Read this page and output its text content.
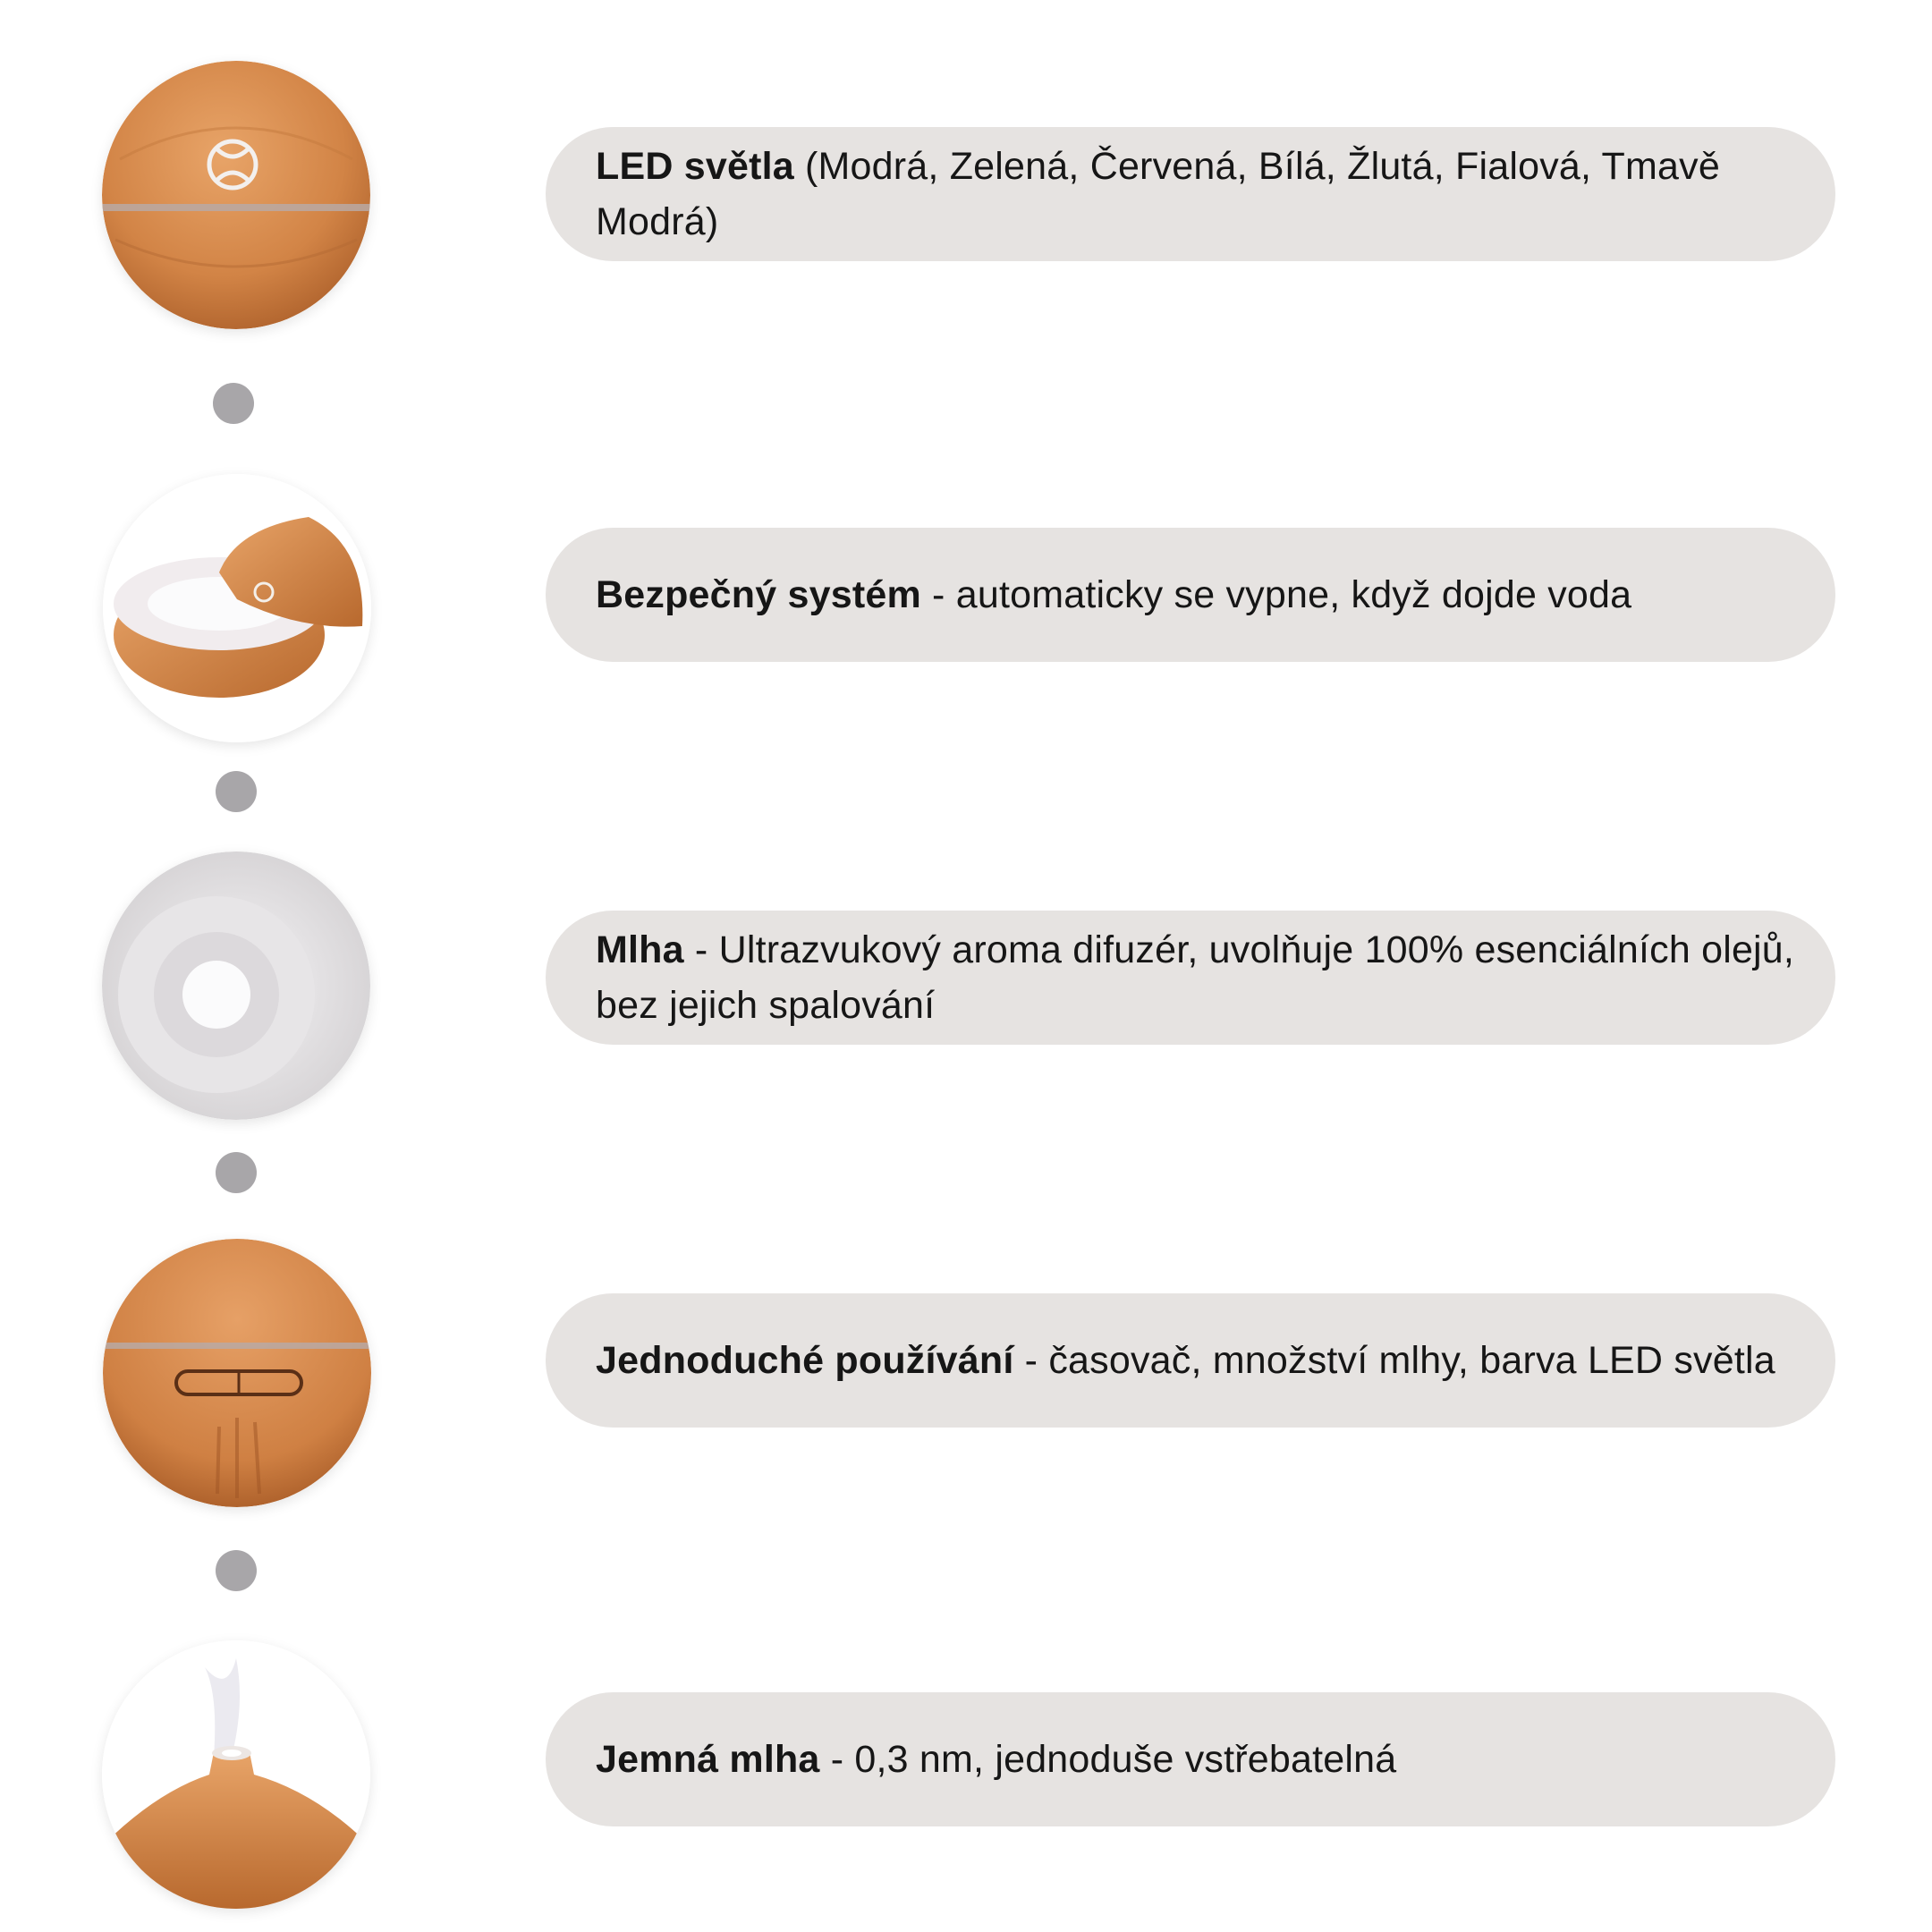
LED světla (Modrá, Zelená, Červená, Bílá, Žlutá, Fialová, Tmavě Modrá)

Bezpečný systém - automaticky se vypne, když dojde voda

Mlha - Ultrazvukový aroma difuzér, uvolňuje 100% esenciálních olejů, bez jejich spalování

Jednoduché používání - časovač, množství mlhy, barva LED světla

Jemná mlha - 0,3 nm, jednoduše vstřebatelná
